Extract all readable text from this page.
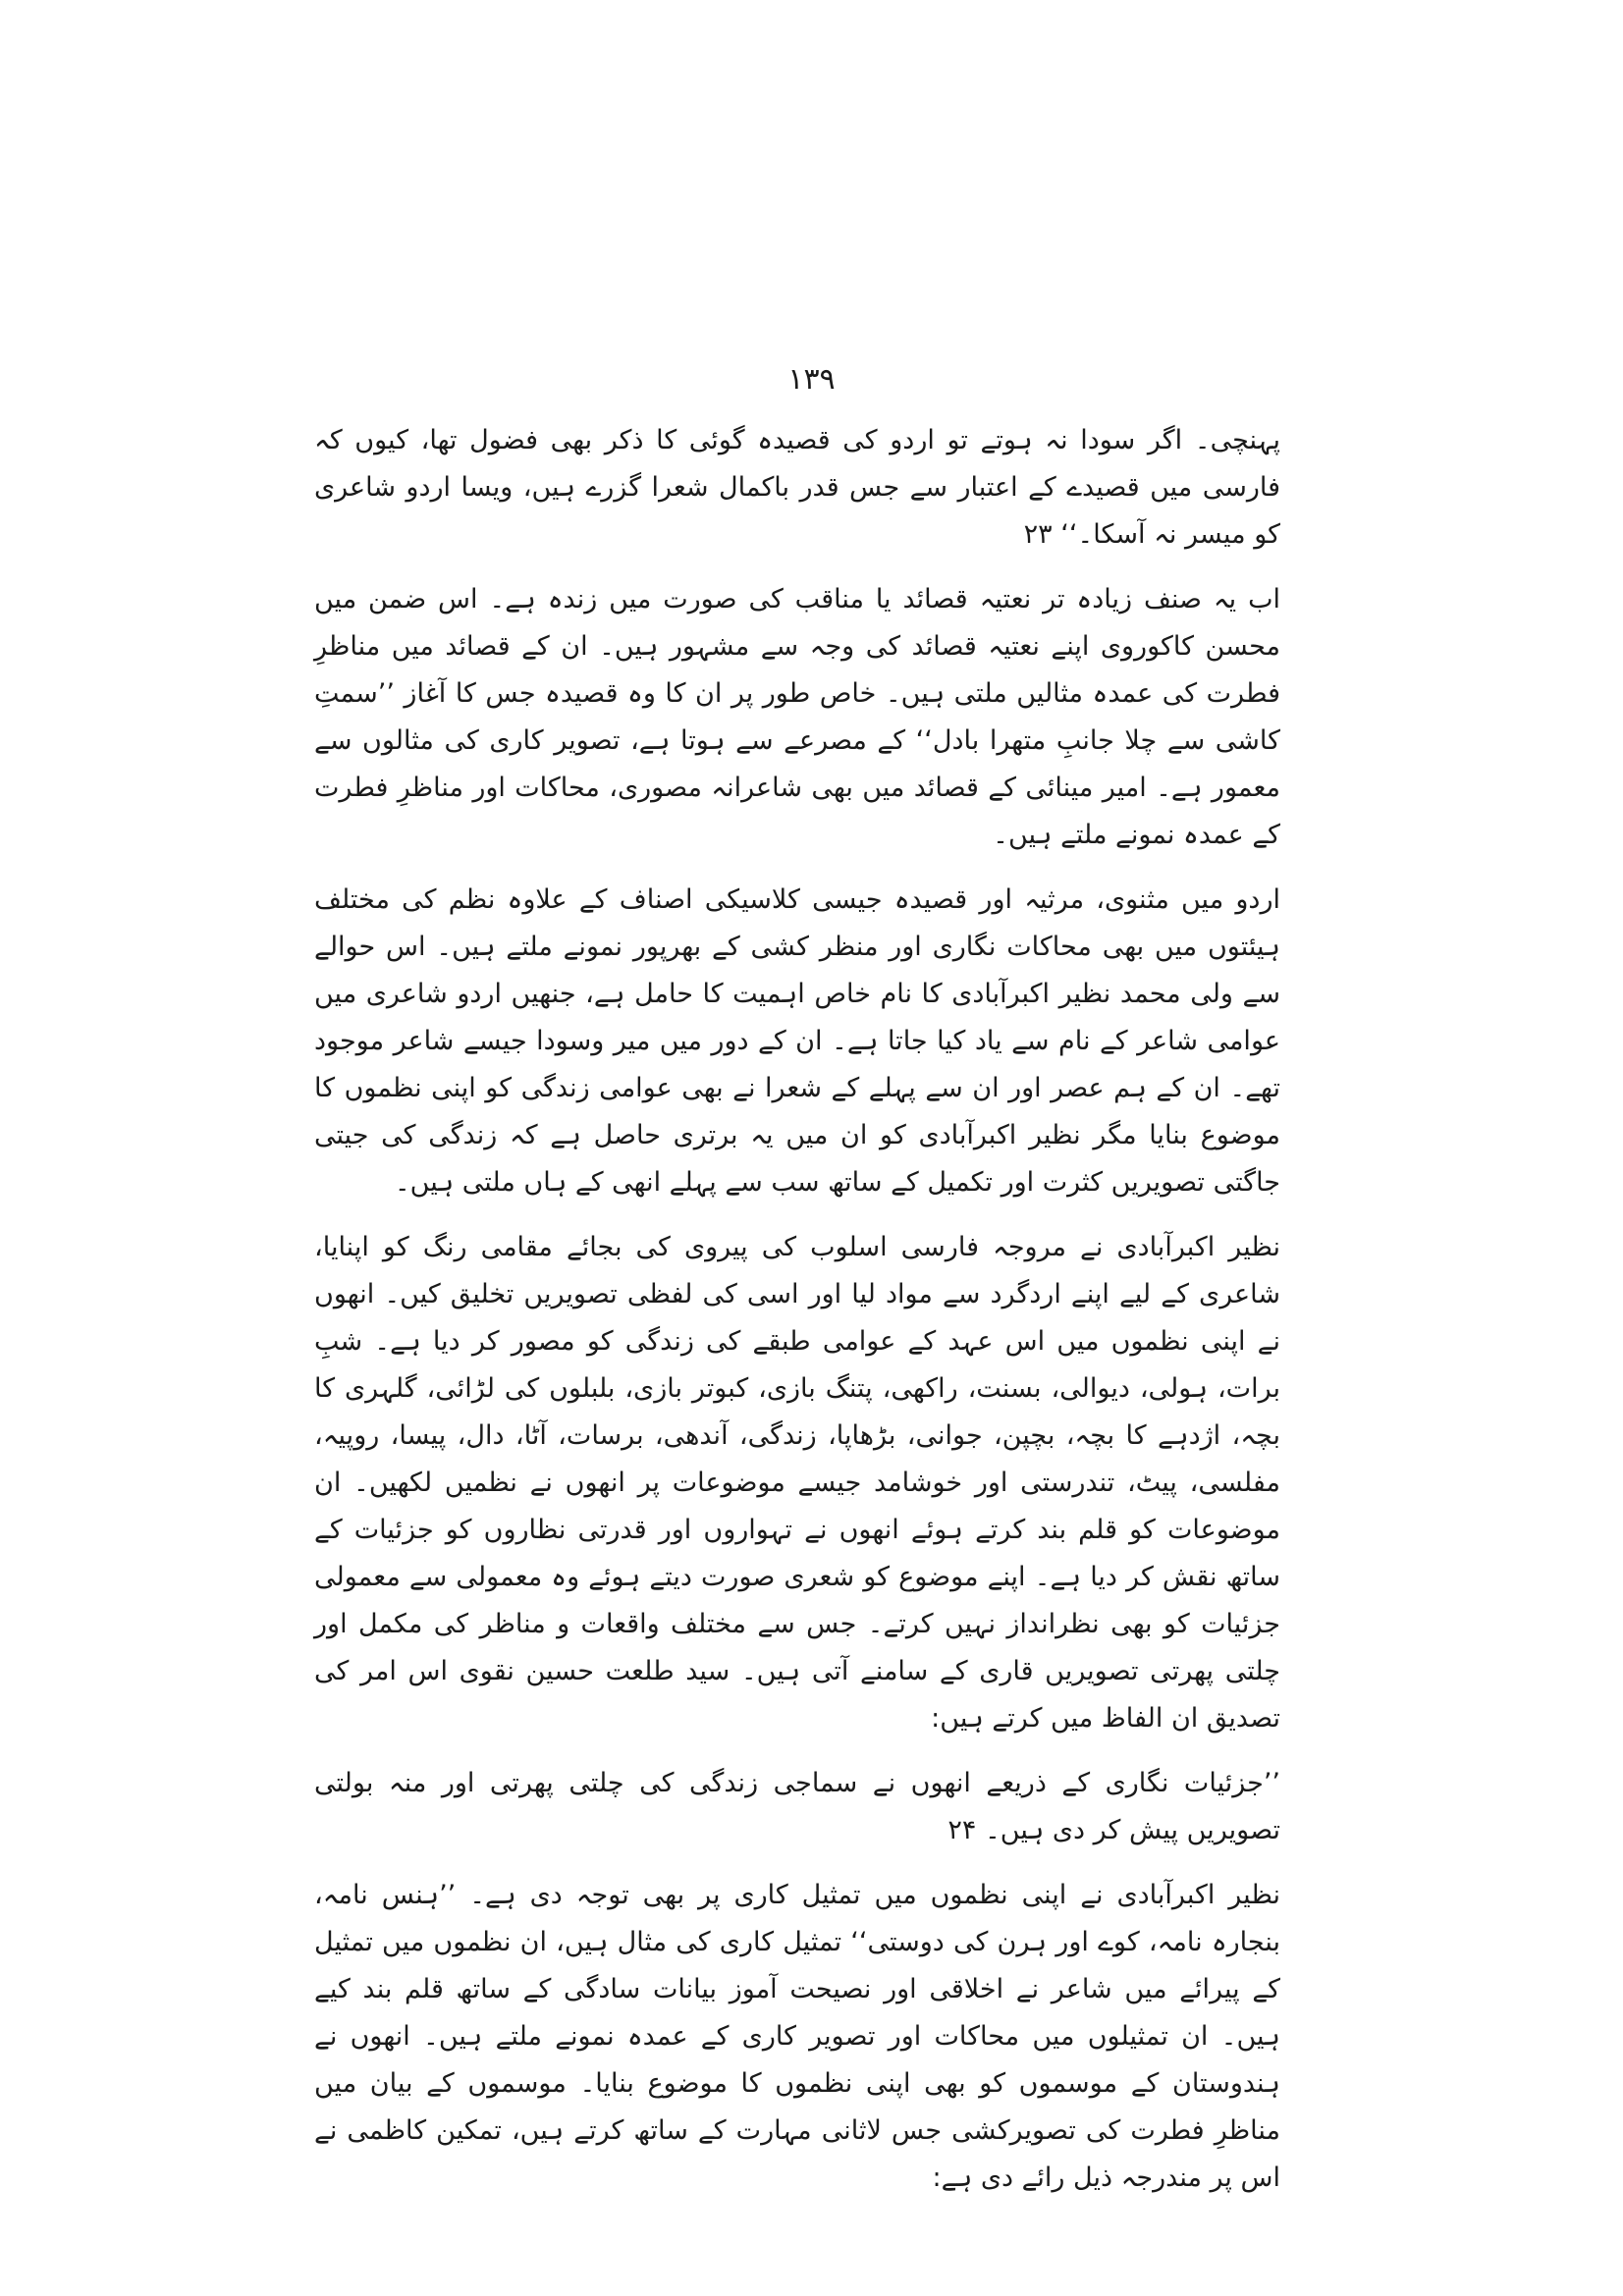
۱۳۹

پہنچی۔ اگر سودا نہ ہوتے تو اردو کی قصیدہ گوئی کا ذکر بھی فضول تھا، کیوں کہ فارسی میں قصیدے کے اعتبار سے جس قدر باکمال شعرا گزرے ہیں، ویسا اردو شاعری کو میسر نہ آسکا۔‘‘ ۲۳

اب یہ صنف زیادہ تر نعتیہ قصائد یا مناقب کی صورت میں زندہ ہے۔ اس ضمن میں محسن کاکوروی اپنے نعتیہ قصائد کی وجہ سے مشہور ہیں۔ ان کے قصائد میں مناظرِ فطرت کی عمدہ مثالیں ملتی ہیں۔ خاص طور پر ان کا وہ قصیدہ جس کا آغاز ’’سمتِ کاشی سے چلا جانبِ متھرا بادل‘‘ کے مصرعے سے ہوتا ہے، تصویر کاری کی مثالوں سے معمور ہے۔ امیر مینائی کے قصائد میں بھی شاعرانہ مصوری، محاکات اور مناظرِ فطرت کے عمدہ نمونے ملتے ہیں۔

اردو میں مثنوی، مرثیہ اور قصیدہ جیسی کلاسیکی اصناف کے علاوہ نظم کی مختلف ہیئتوں میں بھی محاکات نگاری اور منظر کشی کے بھرپور نمونے ملتے ہیں۔ اس حوالے سے ولی محمد نظیر اکبرآبادی کا نام خاص اہمیت کا حامل ہے، جنھیں اردو شاعری میں عوامی شاعر کے نام سے یاد کیا جاتا ہے۔ ان کے دور میں میر وسودا جیسے شاعر موجود تھے۔ ان کے ہم عصر اور ان سے پہلے کے شعرا نے بھی عوامی زندگی کو اپنی نظموں کا موضوع بنایا مگر نظیر اکبرآبادی کو ان میں یہ برتری حاصل ہے کہ زندگی کی جیتی جاگتی تصویریں کثرت اور تکمیل کے ساتھ سب سے پہلے انھی کے ہاں ملتی ہیں۔

نظیر اکبرآبادی نے مروجہ فارسی اسلوب کی پیروی کی بجائے مقامی رنگ کو اپنایا، شاعری کے لیے اپنے اردگرد سے مواد لیا اور اسی کی لفظی تصویریں تخلیق کیں۔ انھوں نے اپنی نظموں میں اس عہد کے عوامی طبقے کی زندگی کو مصور کر دیا ہے۔ شبِ برات، ہولی، دیوالی، بسنت، راکھی، پتنگ بازی، کبوتر بازی، بلبلوں کی لڑائی، گلہری کا بچہ، اژدہے کا بچہ، بچپن، جوانی، بڑھاپا، زندگی، آندھی، برسات، آٹا، دال، پیسا، روپیہ، مفلسی، پیٹ، تندرستی اور خوشامد جیسے موضوعات پر انھوں نے نظمیں لکھیں۔ ان موضوعات کو قلم بند کرتے ہوئے انھوں نے تہواروں اور قدرتی نظاروں کو جزئیات کے ساتھ نقش کر دیا ہے۔ اپنے موضوع کو شعری صورت دیتے ہوئے وہ معمولی سے معمولی جزئیات کو بھی نظرانداز نہیں کرتے۔ جس سے مختلف واقعات و مناظر کی مکمل اور چلتی پھرتی تصویریں قاری کے سامنے آتی ہیں۔ سید طلعت حسین نقوی اس امر کی تصدیق ان الفاظ میں کرتے ہیں:

’’جزئیات نگاری کے ذریعے انھوں نے سماجی زندگی کی چلتی پھرتی اور منہ بولتی تصویریں پیش کر دی ہیں۔ ۲۴

نظیر اکبرآبادی نے اپنی نظموں میں تمثیل کاری پر بھی توجہ دی ہے۔ ’’ہنس نامہ، بنجارہ نامہ، کوے اور ہرن کی دوستی‘‘ تمثیل کاری کی مثال ہیں، ان نظموں میں تمثیل کے پیرائے میں شاعر نے اخلاقی اور نصیحت آموز بیانات سادگی کے ساتھ قلم بند کیے ہیں۔ ان تمثیلوں میں محاکات اور تصویر کاری کے عمدہ نمونے ملتے ہیں۔ انھوں نے ہندوستان کے موسموں کو بھی اپنی نظموں کا موضوع بنایا۔ موسموں کے بیان میں مناظرِ فطرت کی تصویرکشی جس لاثانی مہارت کے ساتھ کرتے ہیں، تمکین کاظمی نے اس پر مندرجہ ذیل رائے دی ہے:
